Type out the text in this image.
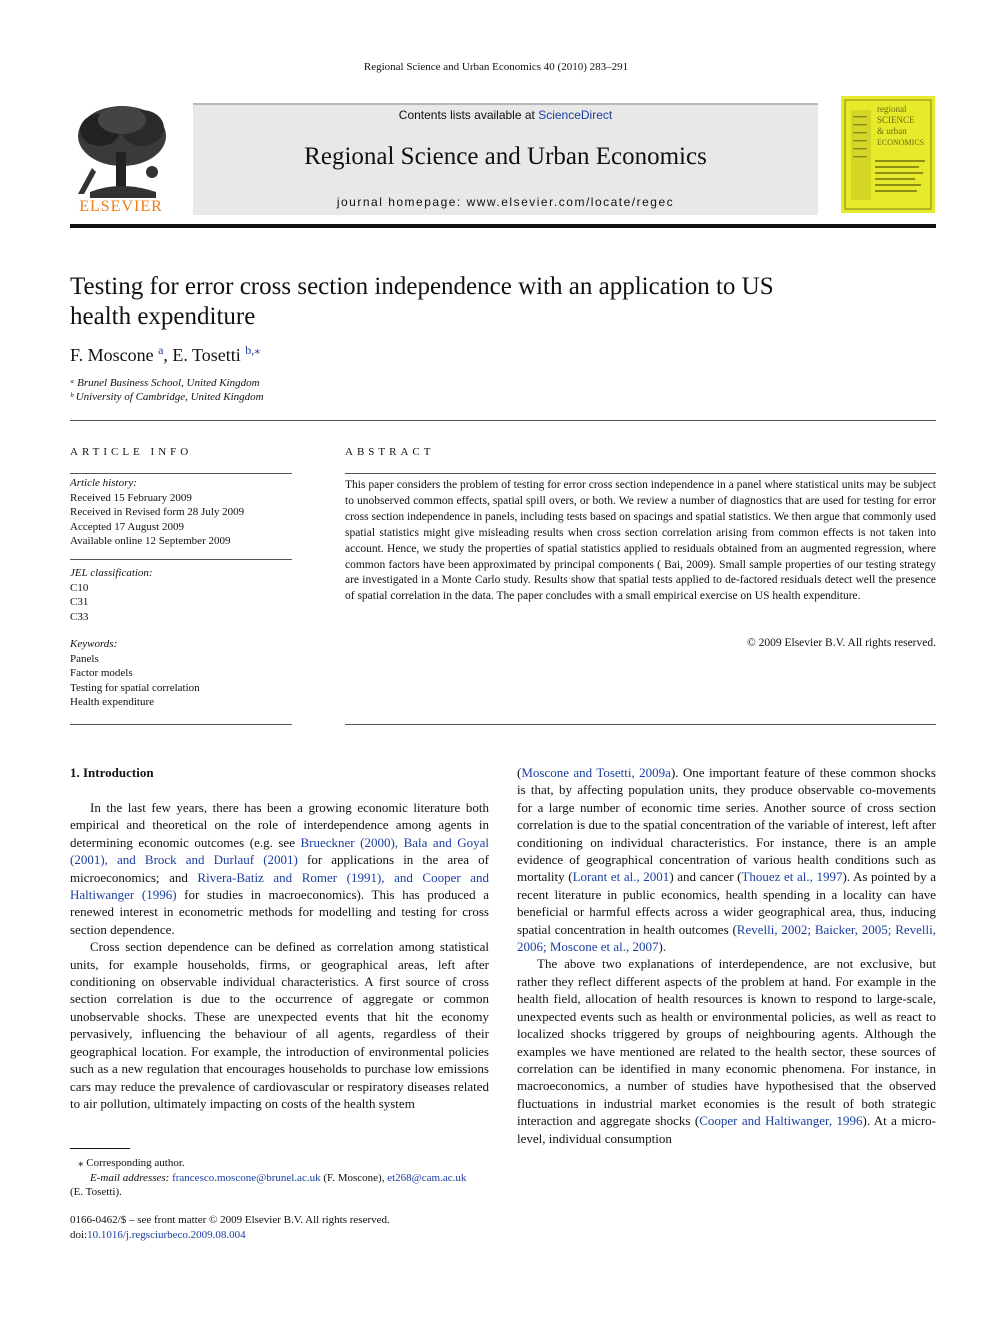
Regional Science and Urban Economics 40 (2010) 283–291
ELSEVIER
Contents lists available at ScienceDirect
Regional Science and Urban Economics
journal homepage: www.elsevier.com/locate/regec
regional
SCIENCE
& urban
ECONOMICS
Testing for error cross section independence with an application to US health expenditure
F. Moscone $^a$, E. Tosetti $^{b,⁎}$
ᵃ Brunel Business School, United Kingdom
ᵇ University of Cambridge, United Kingdom
ARTICLE INFO
Article history:
Received 15 February 2009
Received in Revised form 28 July 2009
Accepted 17 August 2009
Available online 12 September 2009
JEL classification:
C10
C31
C33
Keywords:
Panels
Factor models
Testing for spatial correlation
Health expenditure
ABSTRACT
This paper considers the problem of testing for error cross section independence in a panel where statistical units may be subject to unobserved common effects, spatial spill overs, or both. We review a number of diagnostics that are used for testing for error cross section independence in panels, including tests based on spacings and spatial statistics. We then argue that commonly used spatial statistics might give misleading results when cross section correlation arising from common effects is not taken into account. Hence, we study the properties of spatial statistics applied to residuals obtained from an augmented regression, where common factors have been approximated by principal components ( Bai, 2009). Small sample properties of our testing strategy are investigated in a Monte Carlo study. Results show that spatial tests applied to de-factored residuals detect well the presence of spatial correlation in the data. The paper concludes with a small empirical exercise on US health expenditure.
© 2009 Elsevier B.V. All rights reserved.
1. Introduction

In the last few years, there has been a growing economic literature both empirical and theoretical on the role of interdependence among agents in determining economic outcomes (e.g. see Brueckner (2000), Bala and Goyal (2001), and Brock and Durlauf (2001) for applications in the area of microeconomics; and Rivera-Batiz and Romer (1991), and Cooper and Haltiwanger (1996) for studies in macroeconomics). This has produced a renewed interest in econometric methods for modelling and testing for cross section dependence.

Cross section dependence can be defined as correlation among statistical units, for example households, firms, or geographical areas, left after conditioning on observable individual characteristics. A first source of cross section correlation is due to the occurrence of aggregate or common unobservable shocks. These are unexpected events that hit the economy pervasively, influencing the behaviour of all agents, regardless of their geographical location. For example, the introduction of environmental policies such as a new regulation that encourages households to purchase low emissions cars may reduce the prevalence of cardiovascular or respiratory diseases related to air pollution, ultimately impacting on costs of the health system

(Moscone and Tosetti, 2009a). One important feature of these common shocks is that, by affecting population units, they produce observable co-movements for a large number of economic time series. Another source of cross section correlation is due to the spatial concentration of the variable of interest, left after conditioning on individual characteristics. For instance, there is an ample evidence of geographical concentration of various health conditions such as mortality (Lorant et al., 2001) and cancer (Thouez et al., 1997). As pointed by a recent literature in public economics, health spending in a locality can have beneficial or harmful effects across a wider geographical area, thus, inducing spatial concentration in health outcomes (Revelli, 2002; Baicker, 2005; Revelli, 2006; Moscone et al., 2007).

The above two explanations of interdependence, are not exclusive, but rather they reflect different aspects of the problem at hand. For example in the health field, allocation of health resources is known to respond to large-scale, unexpected events such as health or environmental policies, as well as react to localized shocks triggered by groups of neighbouring agents. Although the examples we have mentioned are related to the health sector, these sources of correlation can be identified in many economic phenomena. For instance, in macroeconomics, a number of studies have hypothesised that the observed fluctuations in industrial market economies is the result of both strategic interaction and aggregate shocks (Cooper and Haltiwanger, 1996). At a micro-level, individual consumption

⁎ Corresponding author.
E-mail addresses: francesco.moscone@brunel.ac.uk (F. Moscone), et268@cam.ac.uk
(E. Tosetti).
0166-0462/$ – see front matter © 2009 Elsevier B.V. All rights reserved.
doi:10.1016/j.regsciurbeco.2009.08.004
